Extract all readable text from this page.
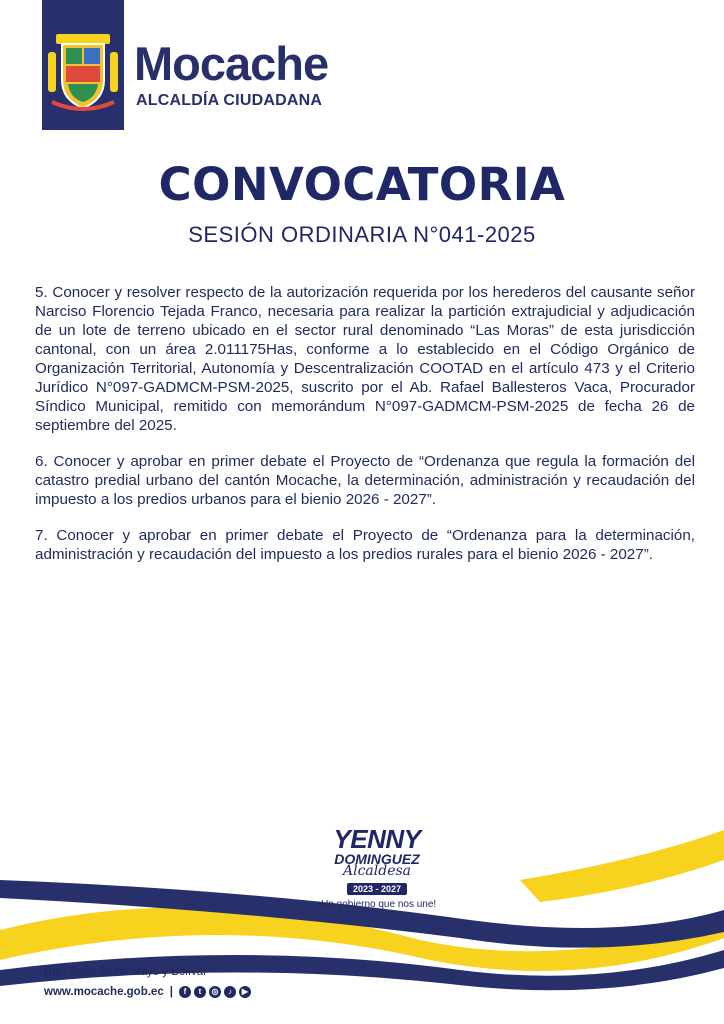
Mocache
ALCALDÍA CIUDADANA
CONVOCATORIA
SESIÓN ORDINARIA N°041-2025

5. Conocer y resolver respecto de la autorización requerida por los herederos del causante señor Narciso Florencio Tejada Franco, necesaria para realizar la partición extrajudicial y adjudicación de un lote de terreno ubicado en el sector rural denominado “Las Moras” de esta jurisdicción cantonal, con un área 2.011175Has, conforme a lo establecido en el Código Orgánico de Organización Territorial, Autonomía y Descentralización COOTAD en el artículo 473 y el Criterio Jurídico N°097-GADMCM-PSM-2025, suscrito por el Ab. Rafael Ballesteros Vaca, Procurador Síndico Municipal, remitido con memorándum N°097-GADMCM-PSM-2025 de fecha 26 de septiembre del 2025.

6. Conocer y aprobar en primer debate el Proyecto de “Ordenanza que regula la formación del catastro predial urbano del cantón Mocache, la determinación, administración y recaudación del impuesto a los predios urbanos para el bienio 2026 - 2027”.

7. Conocer y aprobar en primer debate el Proyecto de “Ordenanza para la determinación, administración y recaudación del impuesto a los predios rurales para el bienio 2026 - 2027”.

YENNY
DOMINGUEZ
Alcaldesa
2023 - 2027
¡Un gobierno que nos une!
Dir.: Calle 28 de Mayo y Bolívar
www.mocache.gob.ec |	f	t	◎	♪	▶
